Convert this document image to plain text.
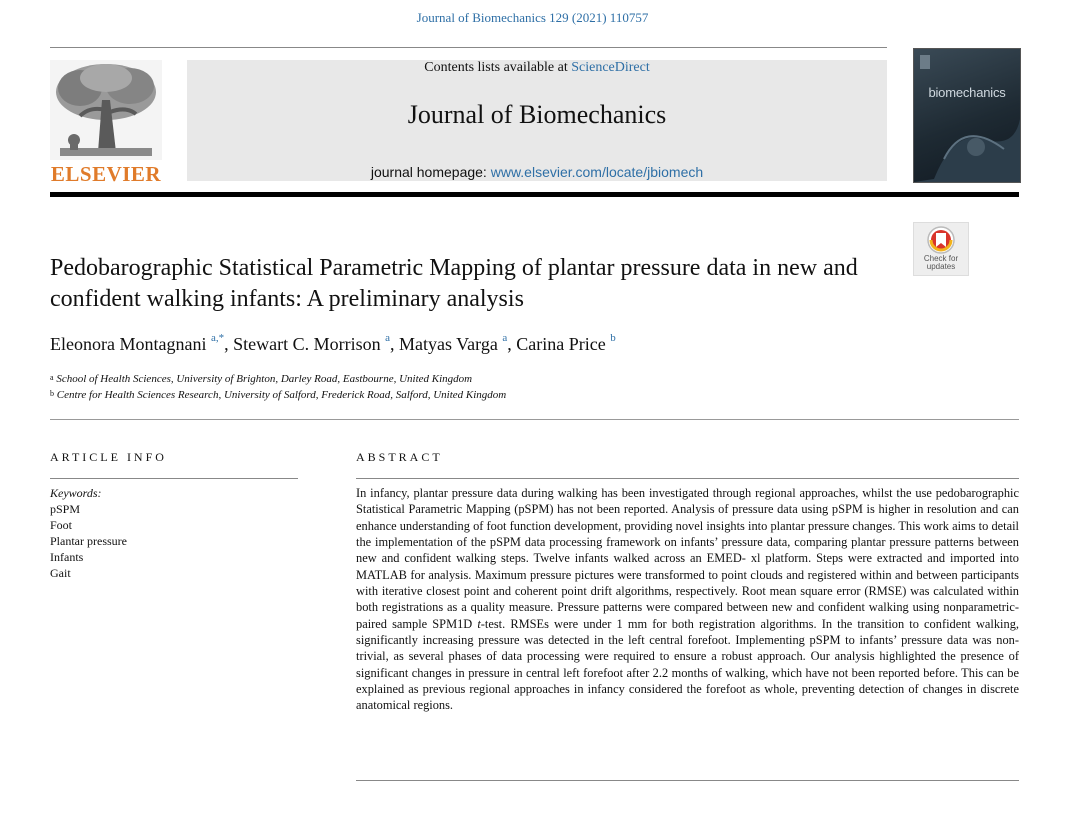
Journal of Biomechanics 129 (2021) 110757
ELSEVIER
Contents lists available at ScienceDirect
Journal of Biomechanics
journal homepage: www.elsevier.com/locate/jbiomech
biomechanics
Check for
updates
Pedobarographic Statistical Parametric Mapping of plantar pressure data in new and confident walking infants: A preliminary analysis
Eleonora Montagnani $^{a,*}$, Stewart C. Morrison $^a$, Matyas Varga $^a$, Carina Price $^b$
$^a$ School of Health Sciences, University of Brighton, Darley Road, Eastbourne, United Kingdom
$^b$ Centre for Health Sciences Research, University of Salford, Frederick Road, Salford, United Kingdom
ARTICLE INFO	ABSTRACT
Keywords:
pSPM
Foot
Plantar pressure
Infants
Gait
In infancy, plantar pressure data during walking has been investigated through regional approaches, whilst the use pedobarographic Statistical Parametric Mapping (pSPM) has not been reported. Analysis of pressure data using pSPM is higher in resolution and can enhance understanding of foot function development, providing novel insights into plantar pressure changes. This work aims to detail the implementation of the pSPM data processing framework on infants’ pressure data, comparing plantar pressure patterns between new and confident walking steps. Twelve infants walked across an EMED- xl platform. Steps were extracted and imported into MATLAB for analysis. Maximum pressure pictures were transformed to point clouds and registered within and between participants with iterative closest point and coherent point drift algorithms, respectively. Root mean square error (RMSE) was calculated within both registrations as a quality measure. Pressure patterns were compared between new and confident walking using nonparametric-paired sample SPM1D t-test. RMSEs were under 1 mm for both registration algorithms. In the transition to confident walking, significantly increasing pressure was detected in the left central forefoot. Implementing pSPM to infants’ pressure data was non-trivial, as several phases of data processing were required to ensure a robust approach. Our analysis highlighted the presence of significant changes in pressure in central left forefoot after 2.2 months of walking, which have not been reported before. This can be explained as previous regional approaches in infancy considered the forefoot as whole, preventing detection of changes in discrete anatomical regions.
